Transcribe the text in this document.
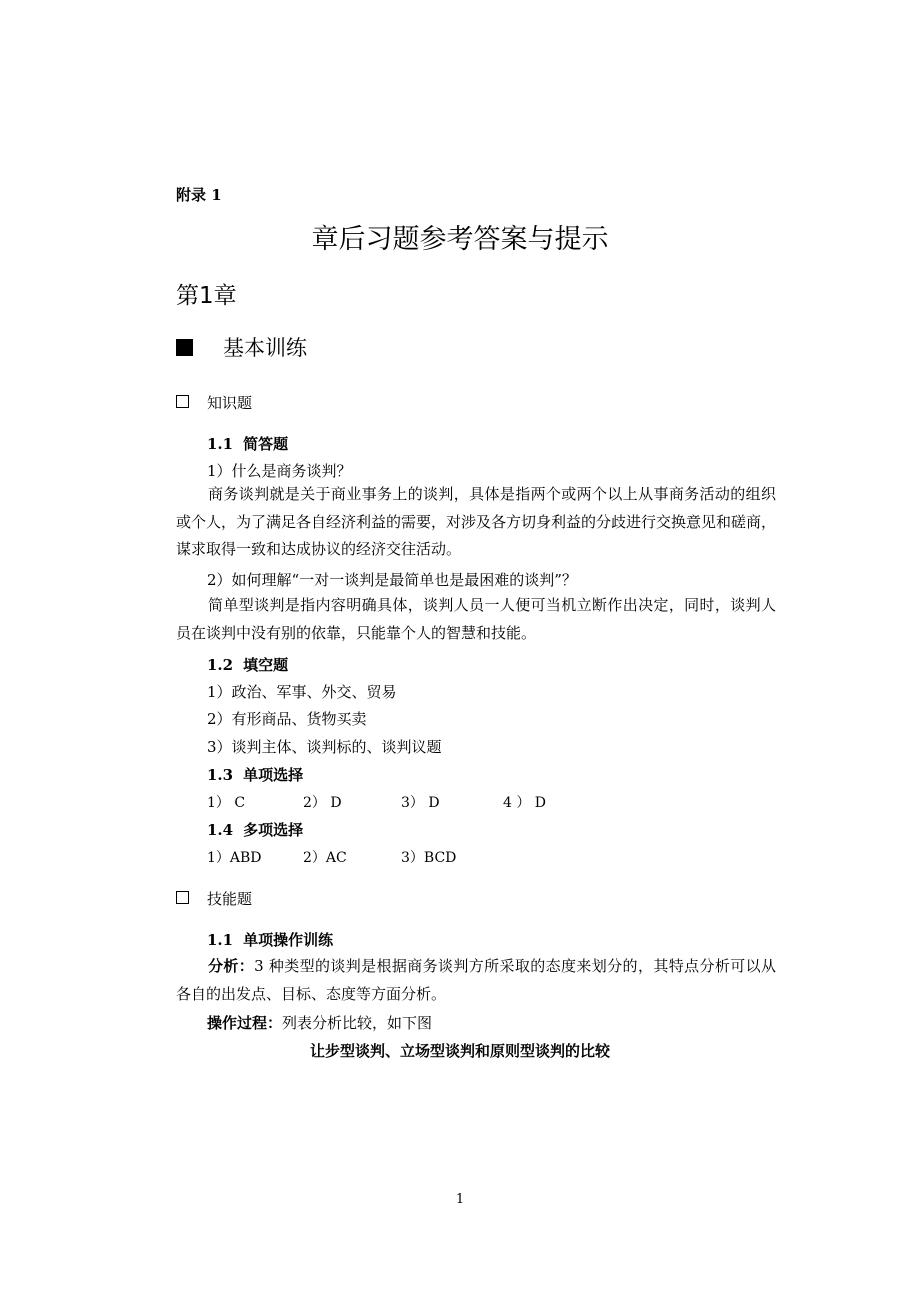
附录 1
章后习题参考答案与提示
第1章
基本训练
知识题
1.1 简答题
1）什么是商务谈判？
商务谈判就是关于商业事务上的谈判，具体是指两个或两个以上从事商务活动的组织或个人，为了满足各自经济利益的需要，对涉及各方切身利益的分歧进行交换意见和磋商，谋求取得一致和达成协议的经济交往活动。
2）如何理解“一对一谈判是最简单也是最困难的谈判”？
简单型谈判是指内容明确具体，谈判人员一人便可当机立断作出决定，同时，谈判人员在谈判中没有别的依靠，只能靠个人的智慧和技能。
1.2 填空题
1）政治、军事、外交、贸易
2）有形商品、货物买卖
3）谈判主体、谈判标的、谈判议题
1.3 单项选择
1） C	2） D	3） D	4 ） D
1.4 多项选择
1）ABD	2）AC	3）BCD
技能题
1.1 单项操作训练
分析：3 种类型的谈判是根据商务谈判方所采取的态度来划分的，其特点分析可以从各自的出发点、目标、态度等方面分析。
操作过程：列表分析比较，如下图
让步型谈判、立场型谈判和原则型谈判的比较
1
